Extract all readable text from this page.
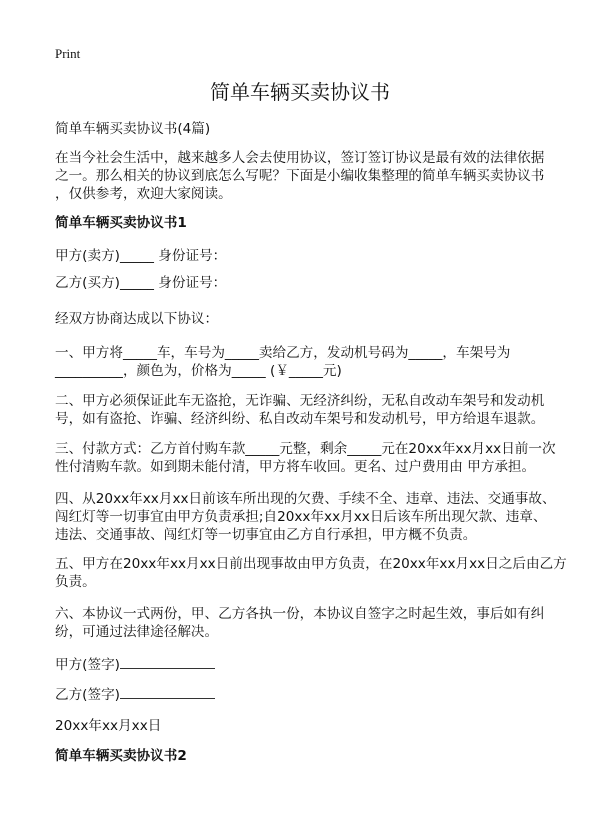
Print
简单车辆买卖协议书
简单车辆买卖协议书(4篇)
在当今社会生活中，越来越多人会去使用协议，签订签订协议是最有效的法律依据
之一。那么相关的协议到底怎么写呢？下面是小编收集整理的简单车辆买卖协议书
，仅供参考，欢迎大家阅读。
简单车辆买卖协议书1
甲方(卖方)_____ 身份证号：
乙方(买方)_____ 身份证号：
经双方协商达成以下协议：
一、甲方将_____车，车号为_____卖给乙方，发动机号码为_____，车架号为
__________，颜色为，价格为_____ (￥_____元)
二、甲方必须保证此车无盗抢，无诈骗、无经济纠纷，无私自改动车架号和发动机
号，如有盗抢、诈骗、经济纠纷、私自改动车架号和发动机号，甲方给退车退款。
三、付款方式：乙方首付购车款_____元整，剩余_____元在20xx年xx月xx日前一次
性付清购车款。如到期未能付清，甲方将车收回。更名、过户费用由 甲方承担。
四、从20xx年xx月xx日前该车所出现的欠费、手续不全、违章、违法、交通事故、
闯红灯等一切事宜由甲方负责承担;自20xx年xx月xx日后该车所出现欠款、违章、
违法、交通事故、闯红灯等一切事宜由乙方自行承担，甲方概不负责。
五、甲方在20xx年xx月xx日前出现事故由甲方负责，在20xx年xx月xx日之后由乙方
负责。
六、本协议一式两份，甲、乙方各执一份，本协议自签字之时起生效，事后如有纠
纷，可通过法律途径解决。
甲方(签字)
乙方(签字)
20xx年xx月xx日
简单车辆买卖协议书2
